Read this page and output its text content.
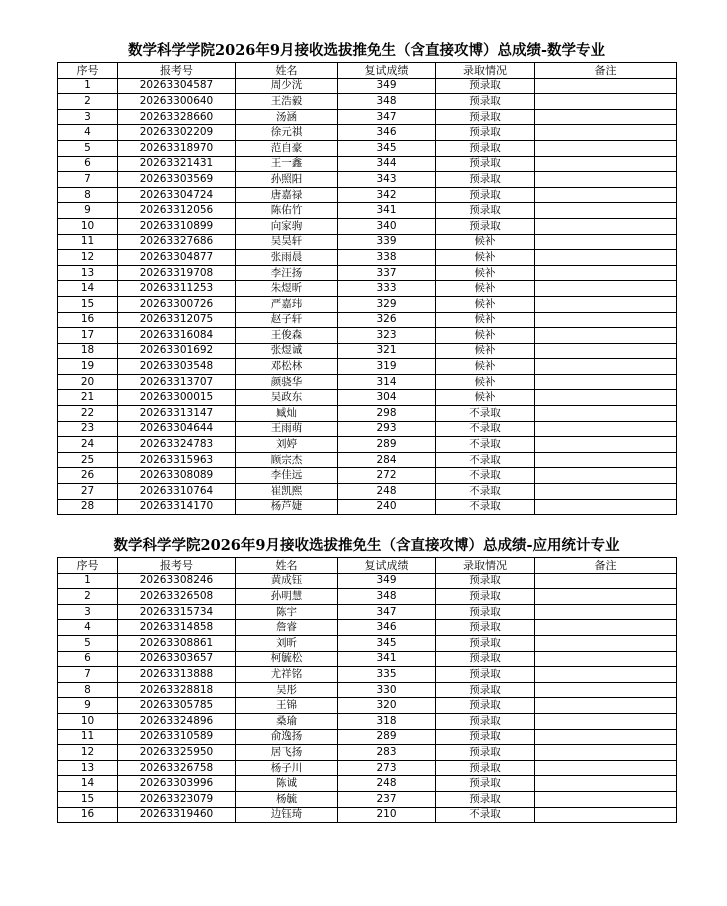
数学科学学院2026年9月接收选拔推免生（含直接攻博）总成绩-数学专业
序号	报考号	姓名	复试成绩	录取情况	备注
1	20263304587	周少洸	349	预录取	
2	20263300640	王浩毅	348	预录取	
3	20263328660	汤涵	347	预录取	
4	20263302209	徐元祺	346	预录取	
5	20263318970	范自豪	345	预录取	
6	20263321431	王一鑫	344	预录取	
7	20263303569	孙照阳	343	预录取	
8	20263304724	唐嘉禄	342	预录取	
9	20263312056	陈佑竹	341	预录取	
10	20263310899	向家驹	340	预录取	
11	20263327686	吴昊轩	339	候补	
12	20263304877	张雨晨	338	候补	
13	20263319708	李汪扬	337	候补	
14	20263311253	朱煜昕	333	候补	
15	20263300726	严嘉玮	329	候补	
16	20263312075	赵子轩	326	候补	
17	20263316084	王俊森	323	候补	
18	20263301692	张煜诚	321	候补	
19	20263303548	邓松林	319	候补	
20	20263313707	颜骁华	314	候补	
21	20263300015	吴政东	304	候补	
22	20263313147	臧灿	298	不录取	
23	20263304644	王雨萌	293	不录取	
24	20263324783	刘婷	289	不录取	
25	20263315963	顾宗杰	284	不录取	
26	20263308089	李佳远	272	不录取	
27	20263310764	崔凯熙	248	不录取	
28	20263314170	杨芦婕	240	不录取	
数学科学学院2026年9月接收选拔推免生（含直接攻博）总成绩-应用统计专业
序号	报考号	姓名	复试成绩	录取情况	备注
1	20263308246	黄成钰	349	预录取	
2	20263326508	孙明慧	348	预录取	
3	20263315734	陈宇	347	预录取	
4	20263314858	詹睿	346	预录取	
5	20263308861	刘昕	345	预录取	
6	20263303657	柯毓松	341	预录取	
7	20263313888	尤祥铭	335	预录取	
8	20263328818	吴彤	330	预录取	
9	20263305785	王锦	320	预录取	
10	20263324896	桑瑜	318	预录取	
11	20263310589	俞逸扬	289	预录取	
12	20263325950	居飞扬	283	预录取	
13	20263326758	杨子川	273	预录取	
14	20263303996	陈诚	248	预录取	
15	20263323079	杨毓	237	预录取	
16	20263319460	边钰琦	210	不录取	
